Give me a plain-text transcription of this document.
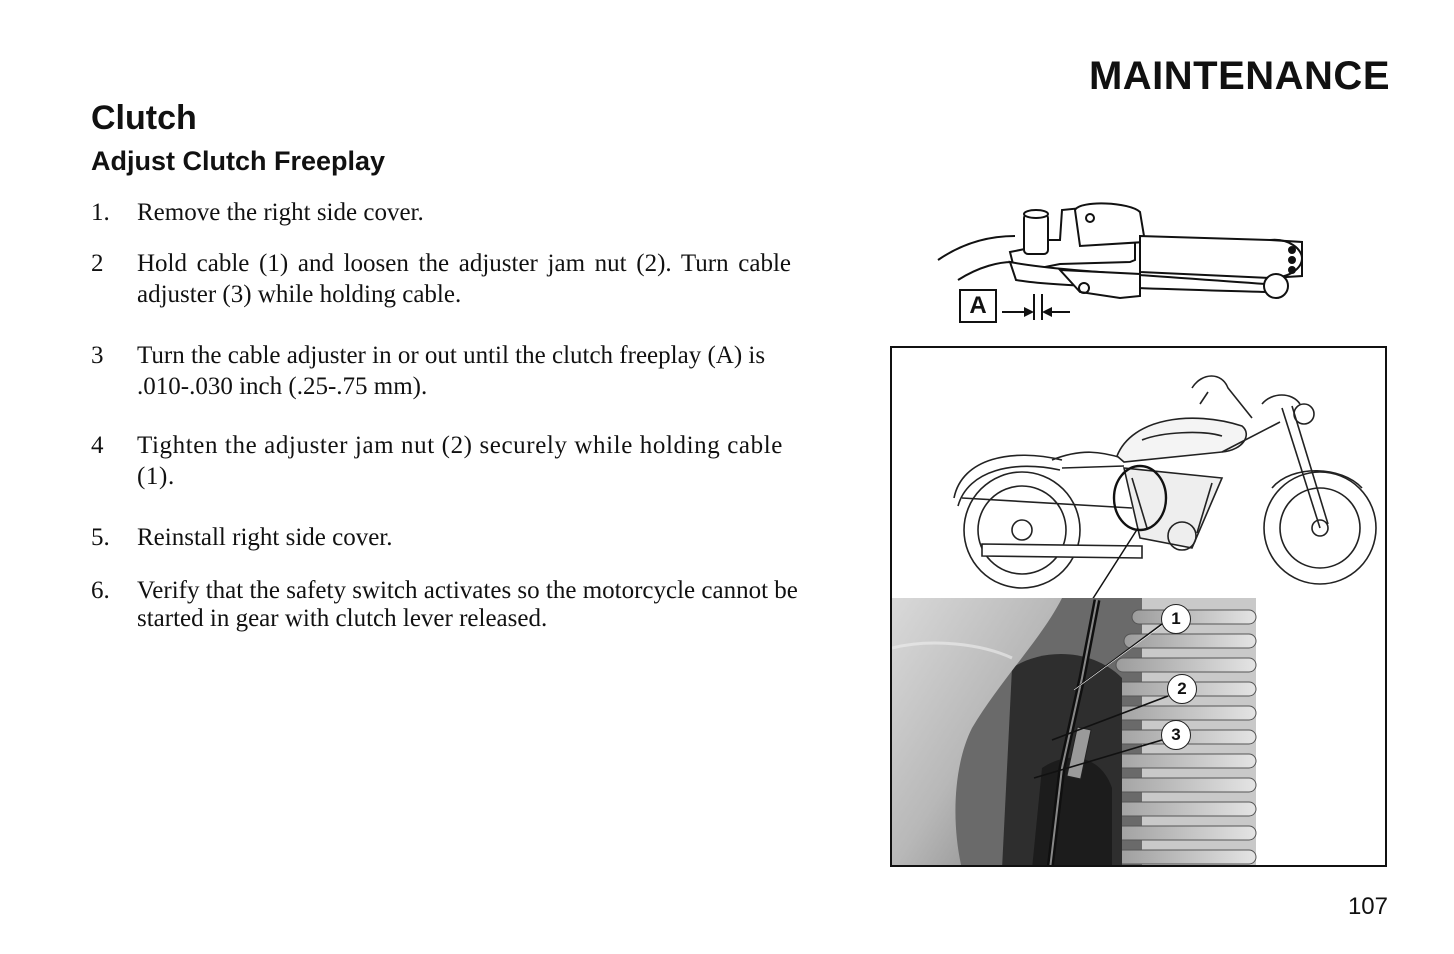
MAINTENANCE
Clutch
Adjust Clutch Freeplay
1. Remove the right side cover.
2 Hold cable (1) and loosen the adjuster jam nut (2). Turn cable adjuster (3) while holding cable.
3 Turn the cable adjuster in or out until the clutch freeplay (A) is .010-.030 inch (.25-.75 mm).
4 Tighten the adjuster jam nut (2) securely while holding cable (1).
5. Reinstall right side cover.
6. Verify that the safety switch activates so the motorcycle cannot be started in gear with clutch lever released.
A
1
2
3
107
